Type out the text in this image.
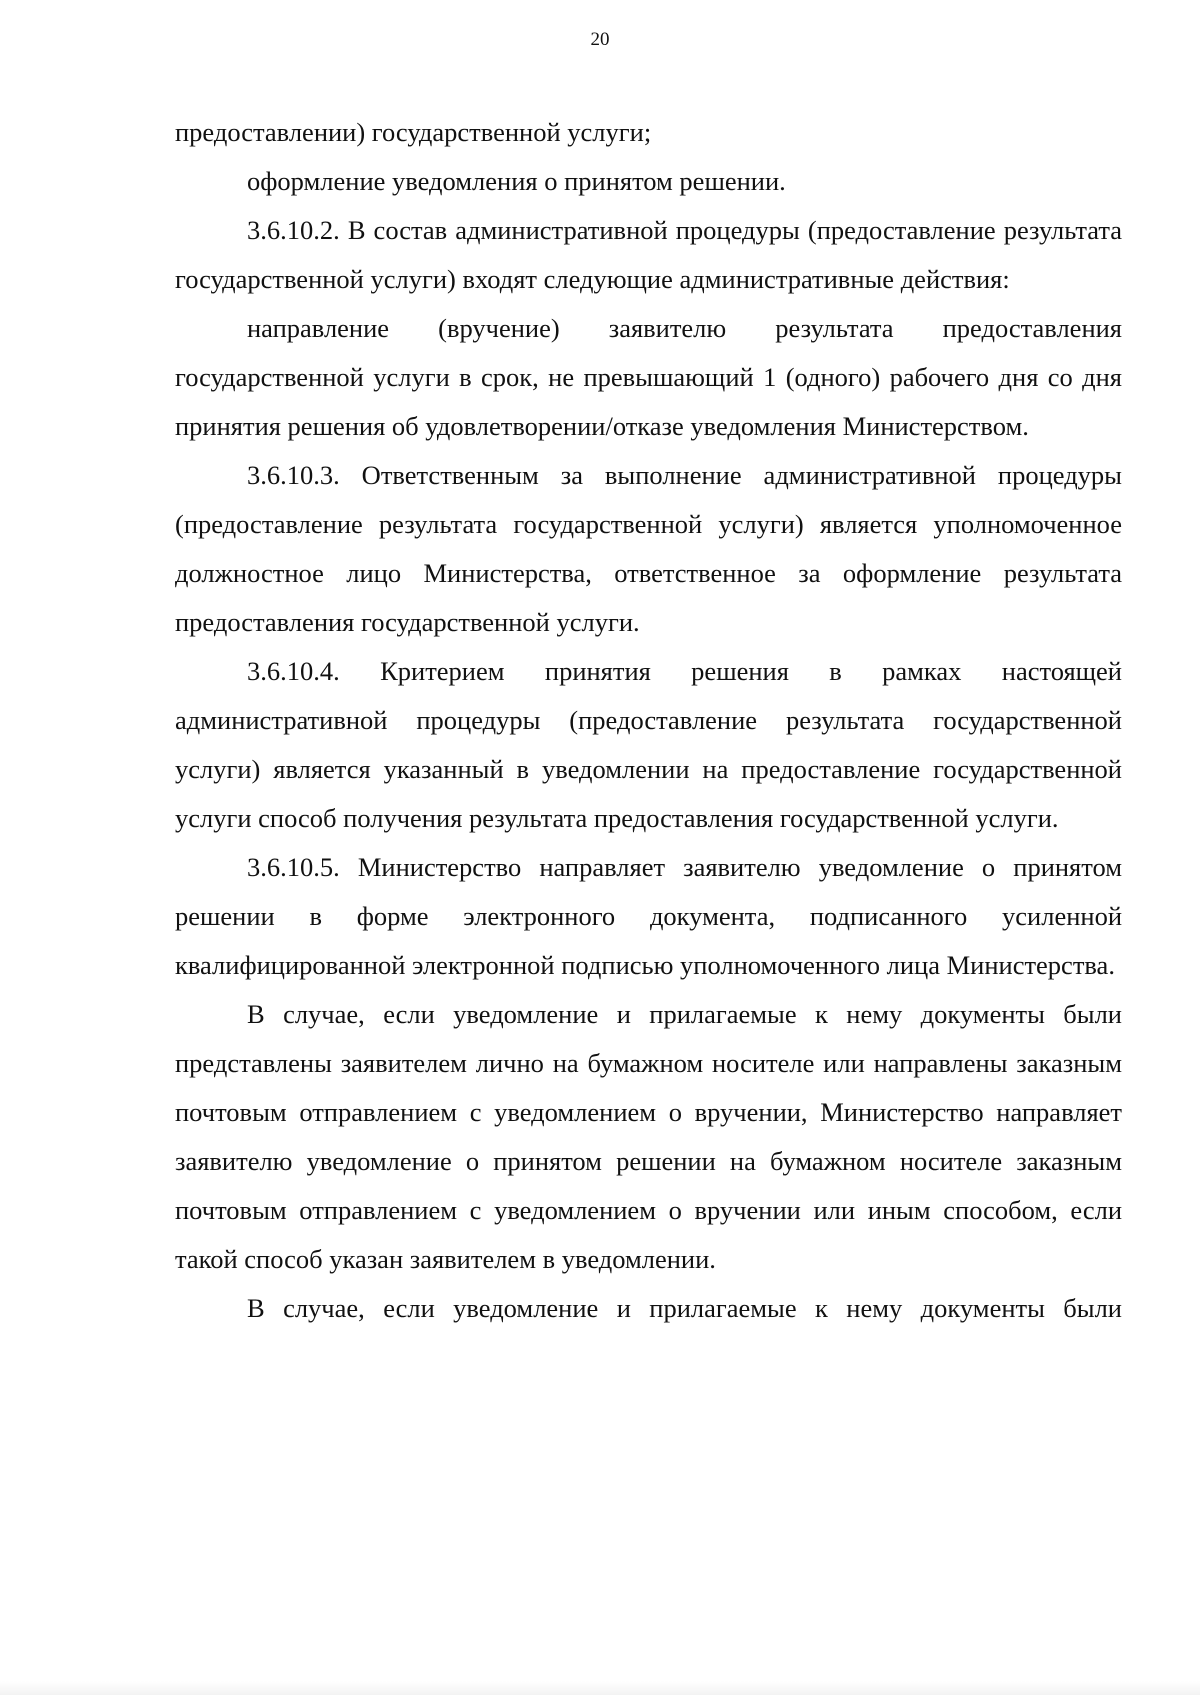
20

предоставлении) государственной услуги;

оформление уведомления о принятом решении.

3.6.10.2. В состав административной процедуры (предоставление результата государственной услуги) входят следующие административные действия:

направление (вручение) заявителю результата предоставления государственной услуги в срок, не превышающий 1 (одного) рабочего дня со дня принятия решения об удовлетворении/отказе уведомления Министерством.

3.6.10.3. Ответственным за выполнение административной процедуры (предоставление результата государственной услуги) является уполномоченное должностное лицо Министерства, ответственное за оформление результата предоставления государственной услуги.

3.6.10.4. Критерием принятия решения в рамках настоящей административной процедуры (предоставление результата государственной услуги) является указанный в уведомлении на предоставление государственной услуги способ получения результата предоставления государственной услуги.

3.6.10.5. Министерство направляет заявителю уведомление о принятом решении в форме электронного документа, подписанного усиленной квалифицированной электронной подписью уполномоченного лица Министерства.

В случае, если уведомление и прилагаемые к нему документы были представлены заявителем лично на бумажном носителе или направлены заказным почтовым отправлением с уведомлением о вручении, Министерство направляет заявителю уведомление о принятом решении на бумажном носителе заказным почтовым отправлением с уведомлением о вручении или иным способом, если такой способ указан заявителем в уведомлении.

В случае, если уведомление и прилагаемые к нему документы были
